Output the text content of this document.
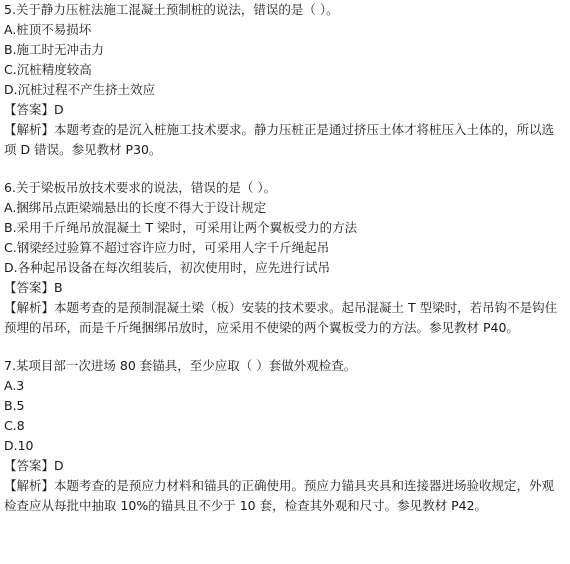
5.关于静力压桩法施工混凝土预制桩的说法，错误的是（ ）。
A.桩顶不易损坏
B.施工时无冲击力
C.沉桩精度较高
D.沉桩过程不产生挤土效应
【答案】D
【解析】本题考查的是沉入桩施工技术要求。静力压桩正是通过挤压土体才将桩压入土体的，所以选项 D 错误。参见教材 P30。
6.关于梁板吊放技术要求的说法，错误的是（ ）。
A.捆绑吊点距梁端悬出的长度不得大于设计规定
B.采用千斤绳吊放混凝土 T 梁时，可采用让两个翼板受力的方法
C.钢梁经过验算不超过容许应力时，可采用人字千斤绳起吊
D.各种起吊设备在每次组装后，初次使用时，应先进行试吊
【答案】B
【解析】本题考查的是预制混凝土梁（板）安装的技术要求。起吊混凝土 T 型梁时，若吊钩不是钩住预埋的吊环，而是千斤绳捆绑吊放时，应采用不使梁的两个翼板受力的方法。参见教材 P40。
7.某项目部一次进场 80 套锚具，至少应取（ ）套做外观检查。
A.3
B.5
C.8
D.10
【答案】D
【解析】本题考查的是预应力材料和锚具的正确使用。预应力锚具夹具和连接器进场验收规定，外观检查应从每批中抽取 10%的锚具且不少于 10 套，检查其外观和尺寸。参见教材 P42。
